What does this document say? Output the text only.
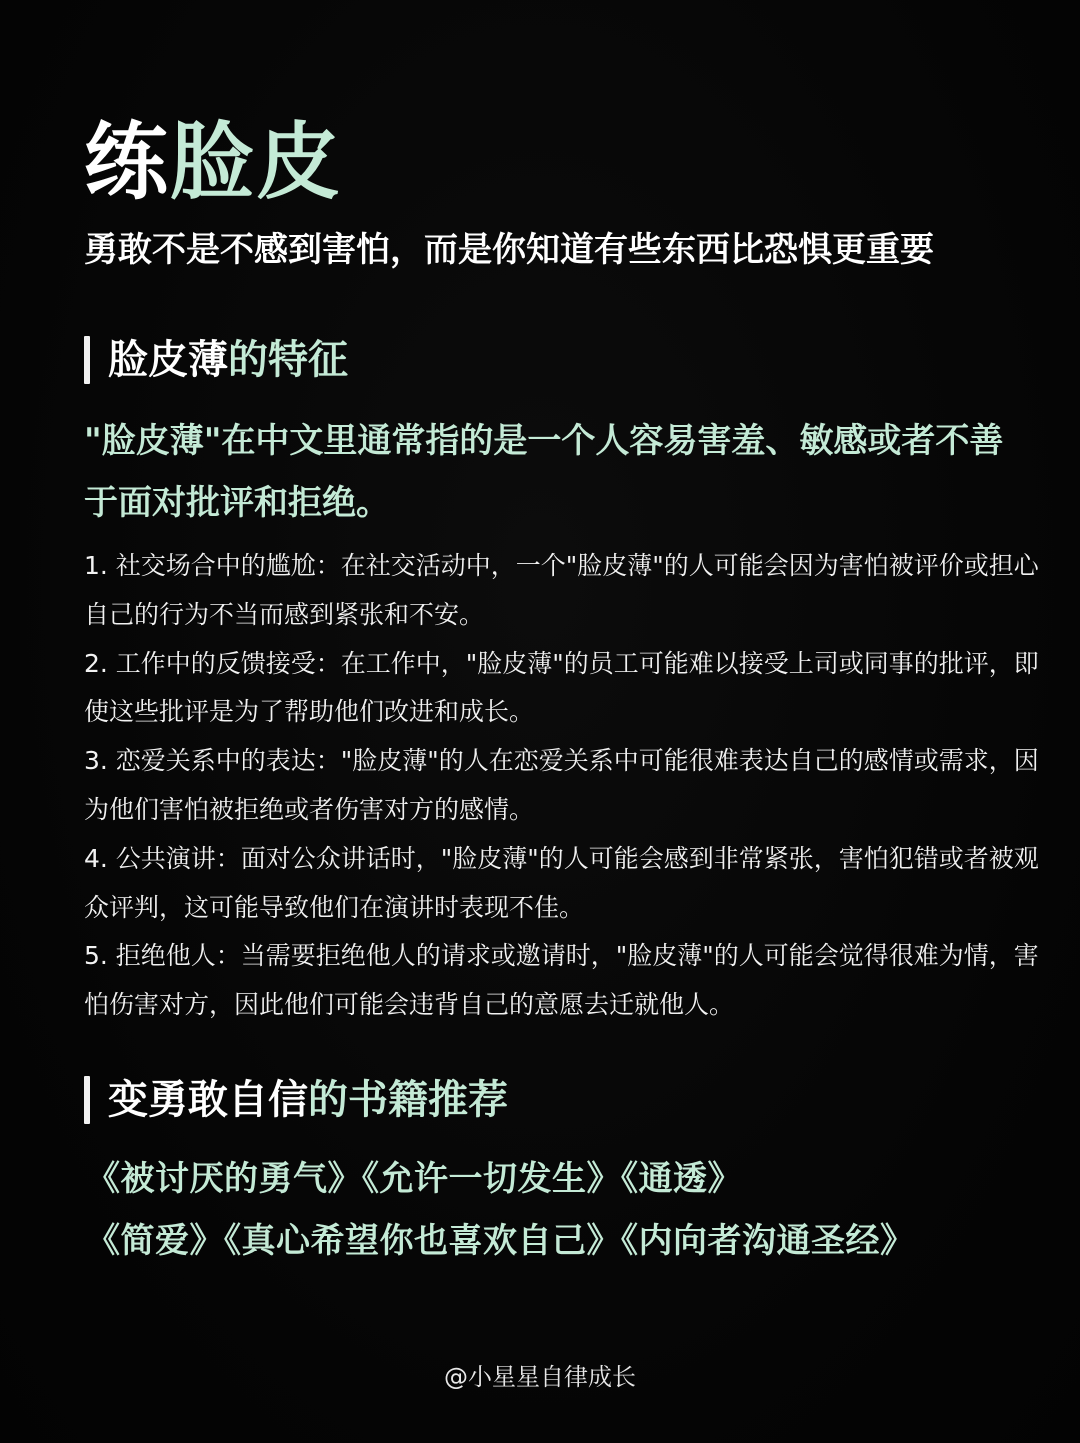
练脸皮

勇敢不是不感到害怕，而是你知道有些东西比恐惧更重要

脸皮薄的特征

"脸皮薄"在中文里通常指的是一个人容易害羞、敏感或者不善于面对批评和拒绝。

1. 社交场合中的尴尬：在社交活动中，一个"脸皮薄"的人可能会因为害怕被评价或担心自己的行为不当而感到紧张和不安。
2. 工作中的反馈接受：在工作中，"脸皮薄"的员工可能难以接受上司或同事的批评，即使这些批评是为了帮助他们改进和成长。
3. 恋爱关系中的表达："脸皮薄"的人在恋爱关系中可能很难表达自己的感情或需求，因为他们害怕被拒绝或者伤害对方的感情。
4. 公共演讲：面对公众讲话时，"脸皮薄"的人可能会感到非常紧张，害怕犯错或者被观众评判，这可能导致他们在演讲时表现不佳。
5. 拒绝他人：当需要拒绝他人的请求或邀请时，"脸皮薄"的人可能会觉得很难为情，害怕伤害对方，因此他们可能会违背自己的意愿去迁就他人。
变勇敢自信的书籍推荐
《被讨厌的勇气》《允许一切发生》《通透》
《简爱》《真心希望你也喜欢自己》《内向者沟通圣经》
@小星星自律成长
